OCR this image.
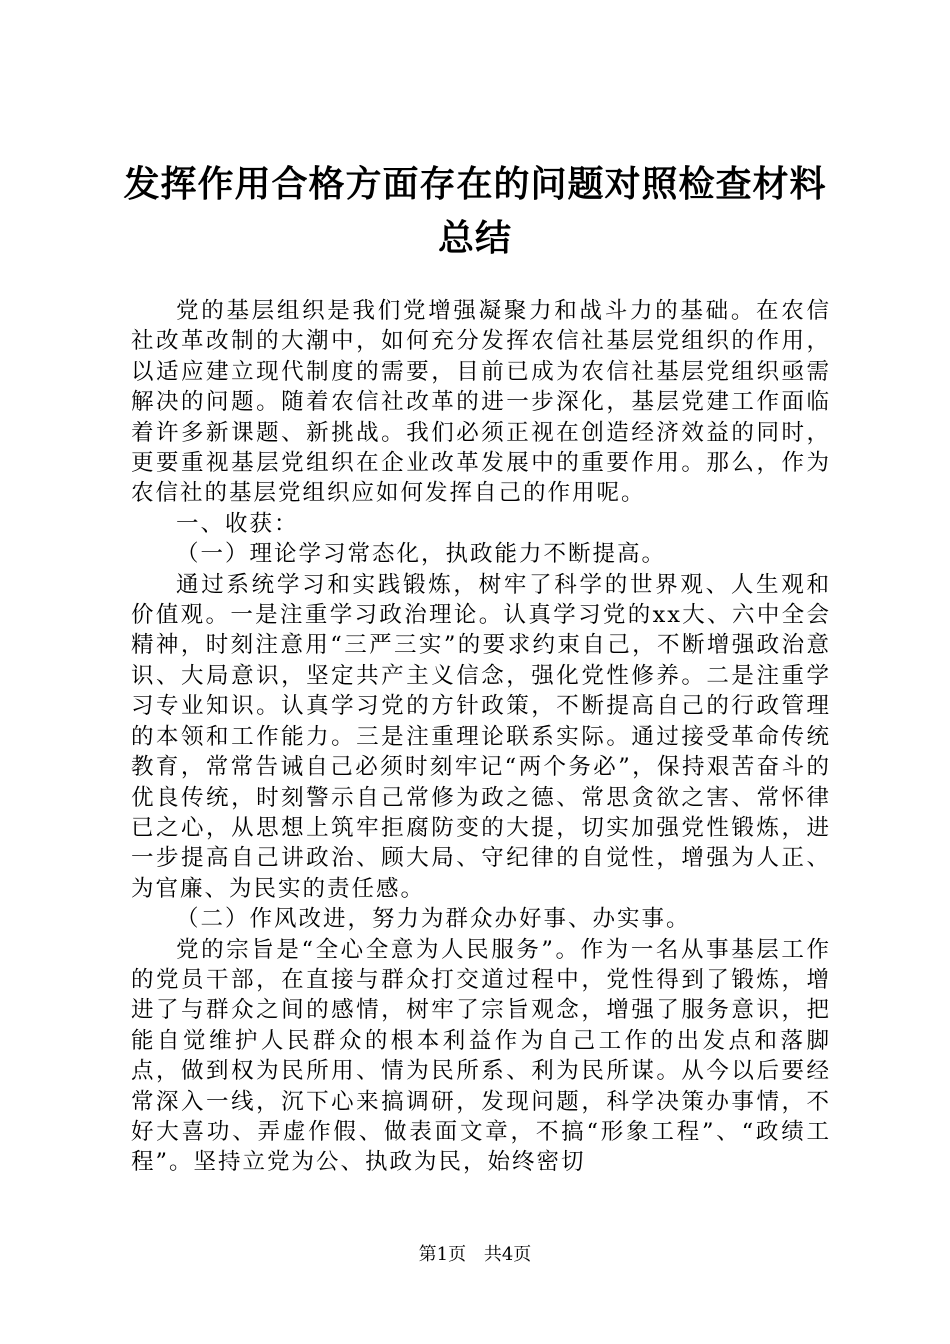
发挥作用合格方面存在的问题对照检查材料总结

党的基层组织是我们党增强凝聚力和战斗力的基础。在农信社改革改制的大潮中，如何充分发挥农信社基层党组织的作用，以适应建立现代制度的需要，目前已成为农信社基层党组织亟需解决的问题。随着农信社改革的进一步深化，基层党建工作面临着许多新课题、新挑战。我们必须正视在创造经济效益的同时，更要重视基层党组织在企业改革发展中的重要作用。那么，作为农信社的基层党组织应如何发挥自己的作用呢。

一、收获：

（一）理论学习常态化，执政能力不断提高。

通过系统学习和实践锻炼，树牢了科学的世界观、人生观和价值观。一是注重学习政治理论。认真学习党的xx大、六中全会精神，时刻注意用“三严三实”的要求约束自己，不断增强政治意识、大局意识，坚定共产主义信念，强化党性修养。二是注重学习专业知识。认真学习党的方针政策，不断提高自己的行政管理的本领和工作能力。三是注重理论联系实际。通过接受革命传统教育，常常告诫自己必须时刻牢记“两个务必”，保持艰苦奋斗的优良传统，时刻警示自己常修为政之德、常思贪欲之害、常怀律已之心，从思想上筑牢拒腐防变的大提，切实加强党性锻炼，进一步提高自己讲政治、顾大局、守纪律的自觉性，增强为人正、为官廉、为民实的责任感。

（二）作风改进，努力为群众办好事、办实事。

党的宗旨是“全心全意为人民服务”。作为一名从事基层工作的党员干部，在直接与群众打交道过程中，党性得到了锻炼，增进了与群众之间的感情，树牢了宗旨观念，增强了服务意识，把能自觉维护人民群众的根本利益作为自己工作的出发点和落脚点，做到权为民所用、情为民所系、利为民所谋。从今以后要经常深入一线，沉下心来搞调研，发现问题，科学决策办事情，不好大喜功、弄虚作假、做表面文章，不搞“形象工程”、“政绩工程”。坚持立党为公、执政为民，始终密切

第1页 共4页
